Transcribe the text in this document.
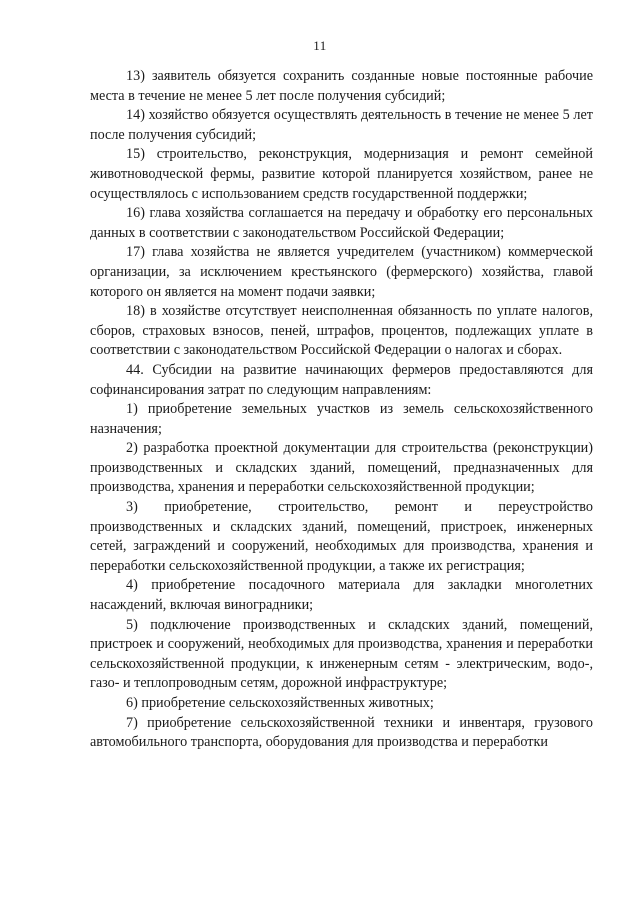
11

13) заявитель обязуется сохранить созданные новые постоянные рабочие места в течение не менее 5 лет после получения субсидий;

14) хозяйство обязуется осуществлять деятельность в течение не менее 5 лет после получения субсидий;

15) строительство, реконструкция, модернизация и ремонт семейной животноводческой фермы, развитие которой планируется хозяйством, ранее не осуществлялось с использованием средств государственной поддержки;

16) глава хозяйства соглашается на передачу и обработку его персональных данных в соответствии с законодательством Российской Федерации;

17) глава хозяйства не является учредителем (участником) коммерческой организации, за исключением крестьянского (фермерского) хозяйства, главой которого он является на момент подачи заявки;

18) в хозяйстве отсутствует неисполненная обязанность по уплате налогов, сборов, страховых взносов, пеней, штрафов, процентов, подлежащих уплате в соответствии с законодательством Российской Федерации о налогах и сборах.

44. Субсидии на развитие начинающих фермеров предоставляются для софинансирования затрат по следующим направлениям:

1) приобретение земельных участков из земель сельскохозяйственного назначения;

2) разработка проектной документации для строительства (реконструкции) производственных и складских зданий, помещений, предназначенных для производства, хранения и переработки сельскохозяйственной продукции;

3) приобретение, строительство, ремонт и переустройство производственных и складских зданий, помещений, пристроек, инженерных сетей, заграждений и сооружений, необходимых для производства, хранения и переработки сельскохозяйственной продукции, а также их регистрация;

4) приобретение посадочного материала для закладки многолетних насаждений, включая виноградники;

5) подключение производственных и складских зданий, помещений, пристроек и сооружений, необходимых для производства, хранения и переработки сельскохозяйственной продукции, к инженерным сетям - электрическим, водо-, газо- и теплопроводным сетям, дорожной инфраструктуре;

6) приобретение сельскохозяйственных животных;

7) приобретение сельскохозяйственной техники и инвентаря, грузового автомобильного транспорта, оборудования для производства и переработки
